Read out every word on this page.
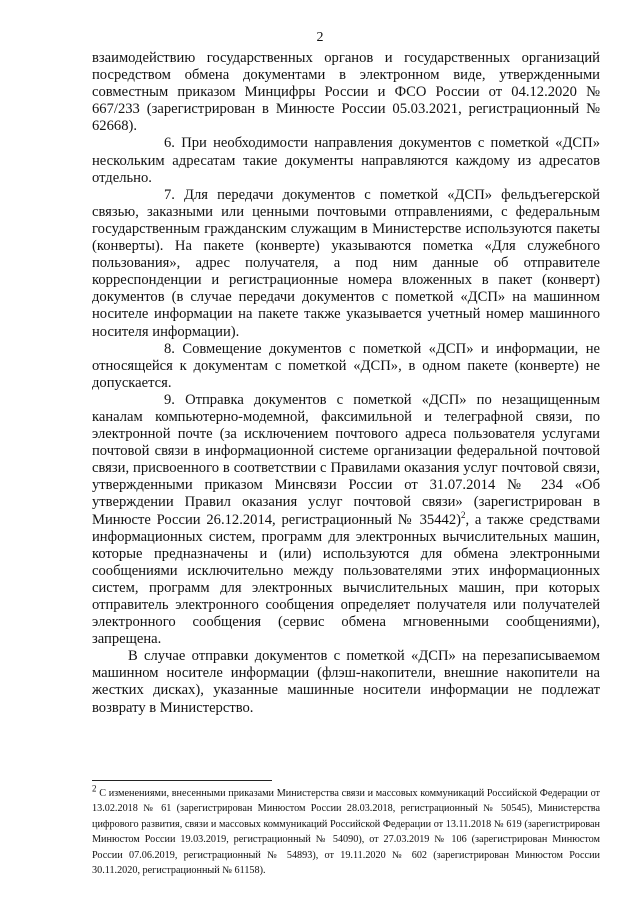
2

взаимодействию государственных органов и государственных организаций посредством обмена документами в электронном виде, утвержденными совместным приказом Минцифры России и ФСО России от 04.12.2020 № 667/233 (зарегистрирован в Минюсте России 05.03.2021, регистрационный № 62668).

6. При необходимости направления документов с пометкой «ДСП» нескольким адресатам такие документы направляются каждому из адресатов отдельно.

7. Для передачи документов с пометкой «ДСП» фельдъегерской связью, заказными или ценными почтовыми отправлениями, с федеральным государственным гражданским служащим в Министерстве используются пакеты (конверты). На пакете (конверте) указываются пометка «Для служебного пользования», адрес получателя, а под ним данные об отправителе корреспонденции и регистрационные номера вложенных в пакет (конверт) документов (в случае передачи документов с пометкой «ДСП» на машинном носителе информации на пакете также указывается учетный номер машинного носителя информации).

8. Совмещение документов с пометкой «ДСП» и информации, не относящейся к документам с пометкой «ДСП», в одном пакете (конверте) не допускается.

9. Отправка документов с пометкой «ДСП» по незащищенным каналам компьютерно-модемной, факсимильной и телеграфной связи, по электронной почте (за исключением почтового адреса пользователя услугами почтовой связи в информационной системе организации федеральной почтовой связи, присвоенного в соответствии с Правилами оказания услуг почтовой связи, утвержденными приказом Минсвязи России от 31.07.2014 № 234 «Об утверждении Правил оказания услуг почтовой связи» (зарегистрирован в Минюсте России 26.12.2014, регистрационный № 35442)$^2$, а также средствами информационных систем, программ для электронных вычислительных машин, которые предназначены и (или) используются для обмена электронными сообщениями исключительно между пользователями этих информационных систем, программ для электронных вычислительных машин, при которых отправитель электронного сообщения определяет получателя или получателей электронного сообщения (сервис обмена мгновенными сообщениями), запрещена.

В случае отправки документов с пометкой «ДСП» на перезаписываемом машинном носителе информации (флэш-накопители, внешние накопители на жестких дисках), указанные машинные носители информации не подлежат возврату в Министерство.

$^2$ С изменениями, внесенными приказами Министерства связи и массовых коммуникаций Российской Федерации от 13.02.2018 № 61 (зарегистрирован Минюстом России 28.03.2018, регистрационный № 50545), Министерства цифрового развития, связи и массовых коммуникаций Российской Федерации от 13.11.2018 № 619 (зарегистрирован Минюстом России 19.03.2019, регистрационный № 54090), от 27.03.2019 № 106 (зарегистрирован Минюстом России 07.06.2019, регистрационный № 54893), от 19.11.2020 № 602 (зарегистрирован Минюстом России 30.11.2020, регистрационный № 61158).
